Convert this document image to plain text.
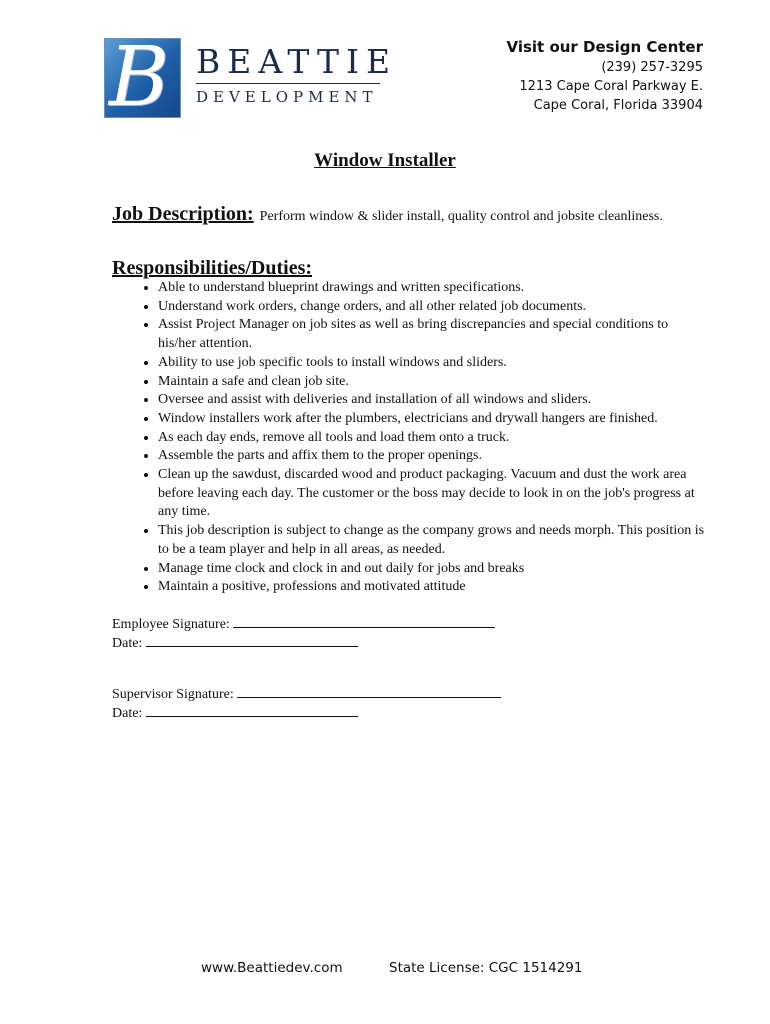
B BEATTIE
DEVELOPMENT
Visit our Design Center
(239) 257-3295
1213 Cape Coral Parkway E.
Cape Coral, Florida 33904
Window Installer
Job Description: Perform window & slider install, quality control and jobsite cleanliness.
Responsibilities/Duties:
• Able to understand blueprint drawings and written specifications.
• Understand work orders, change orders, and all other related job documents.
• Assist Project Manager on job sites as well as bring discrepancies and special conditions to his/her attention.
• Ability to use job specific tools to install windows and sliders.
• Maintain a safe and clean job site.
• Oversee and assist with deliveries and installation of all windows and sliders.
• Window installers work after the plumbers, electricians and drywall hangers are finished.
• As each day ends, remove all tools and load them onto a truck.
• Assemble the parts and affix them to the proper openings.
• Clean up the sawdust, discarded wood and product packaging. Vacuum and dust the work area before leaving each day. The customer or the boss may decide to look in on the job's progress at any time.
• This job description is subject to change as the company grows and needs morph. This position is to be a team player and help in all areas, as needed.
• Manage time clock and clock in and out daily for jobs and breaks
• Maintain a positive, professions and motivated attitude
Employee Signature:
Date:
Supervisor Signature:
Date:
www.Beattiedev.com	State License: CGC 1514291
